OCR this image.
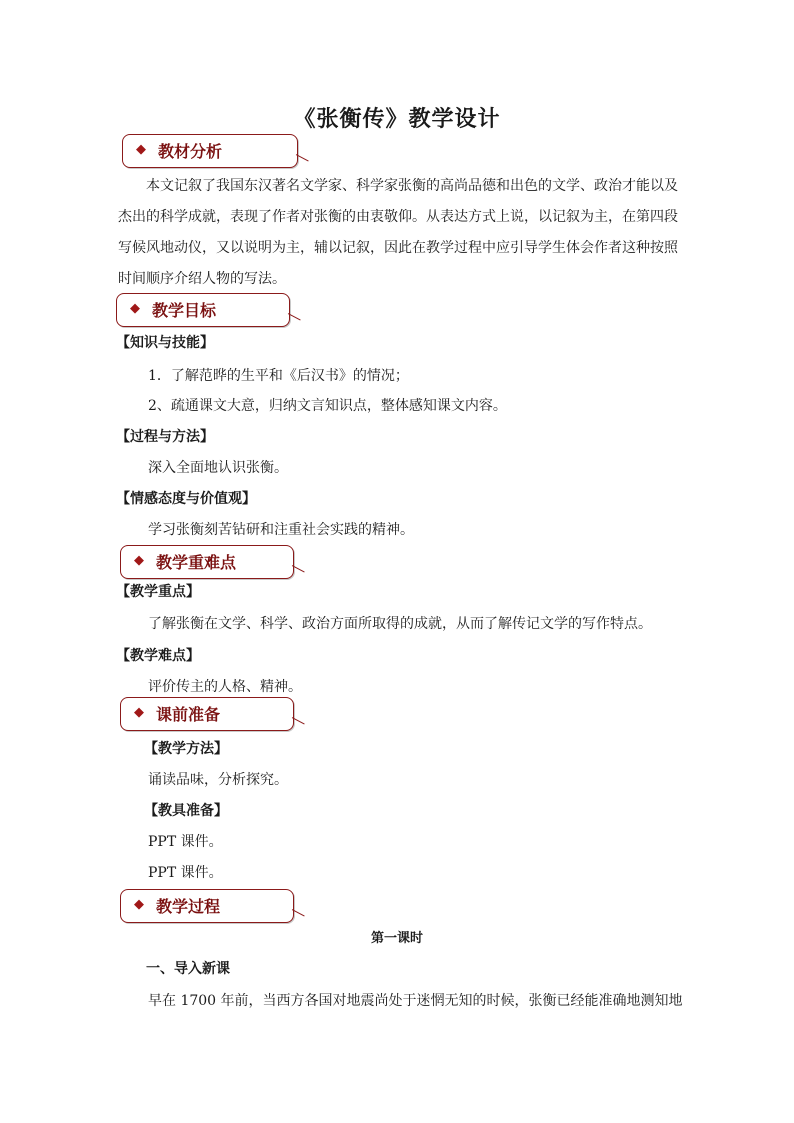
《张衡传》教学设计
◆ 教材分析
本文记叙了我国东汉著名文学家、科学家张衡的高尚品德和出色的文学、政治才能以及杰出的科学成就，表现了作者对张衡的由衷敬仰。从表达方式上说，以记叙为主，在第四段写候风地动仪，又以说明为主，辅以记叙，因此在教学过程中应引导学生体会作者这种按照时间顺序介绍人物的写法。
◆ 教学目标
【知识与技能】
1．了解范晔的生平和《后汉书》的情况；
2、疏通课文大意，归纳文言知识点，整体感知课文内容。
【过程与方法】
深入全面地认识张衡。
【情感态度与价值观】
学习张衡刻苦钻研和注重社会实践的精神。
◆ 教学重难点
【教学重点】
了解张衡在文学、科学、政治方面所取得的成就，从而了解传记文学的写作特点。
【教学难点】
评价传主的人格、精神。
◆ 课前准备
【教学方法】
诵读品味，分析探究。
【教具准备】
PPT 课件。
PPT 课件。
◆ 教学过程
第一课时
一、导入新课
早在 1700 年前，当西方各国对地震尚处于迷惘无知的时候，张衡已经能准确地测知地
